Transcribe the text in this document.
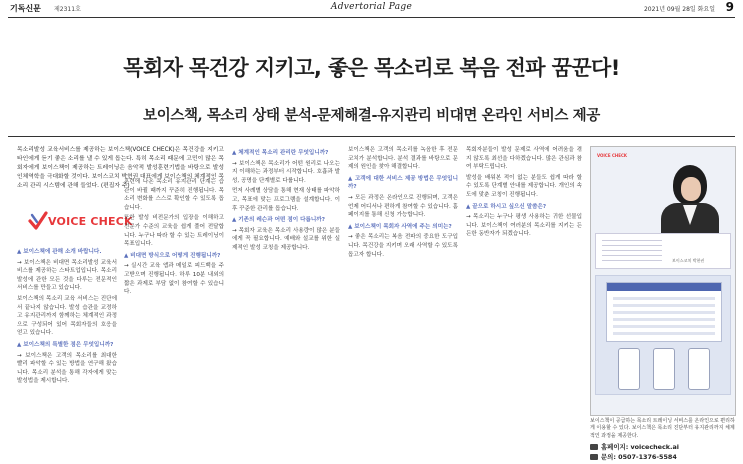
기독신문 제2311호	Advertorial Page	2021년 09월 28일 화요일 9
목회자 목건강 지키고, 좋은 목소리로 복음 전파 꿈꾼다!
보이스책, 목소리 상태 분석-문제해결-유지관리 비대면 온라인 서비스 제공
목소리발성 교육서비스를 제공하는 보이스책(VOICE CHECK)은 목건강을 지키고 타인에게 듣기 좋은 소리를 낼 수 있게 돕는다. 특히 목소리 때문에 고민이 많은 목회자에게 보이스책이 제공하는 트레이닝은 음악적 발성훈련기법을 바탕으로 발성 인체역학을 극대화할 것이다. 보이스코치 박현권 대표에게 보이스책의 체계적인 목소리 관리 시스템에 관해 들었다. (편집자 주)
VOICE CHECK
▲ 보이스책에 관해 소개 바랍니다.

→ 보이스책은 비대면 목소리발성 교육서비스를 제공하는 스타트업입니다. 목소리발성에 관한 모든 것을 다루는 전문적인 서비스를 만들고 있습니다.

보이스책의 목소리 교육 서비스는 진단에서 끝나지 않습니다. 발성 습관을 교정하고 유지관리까지 함께하는 체계적인 과정으로 구성되어 있어 목회자들의 호응을 얻고 있습니다.

▲ 보이스책의 특별한 점은 무엇입니까?

→ 보이스책은 고객의 목소리를 최대한 빨리 파악할 수 있는 방법을 연구해 왔습니다. 목소리 분석을 통해 각자에게 맞는 발성법을 제시합니다.

훈련에 나온 목소리 유지관리 단계는 습관이 바뀔 때까지 꾸준히 진행됩니다. 목소리 변화를 스스로 확인할 수 있도록 돕습니다.

또한 발성 비전문가의 입장을 이해하고 전문가 수준의 교육을 쉽게 풀어 전달합니다. 누구나 따라 할 수 있는 트레이닝이 목표입니다.

▲ 비대면 방식으로 어떻게 진행됩니까?

→ 실시간 교육 앱과 메일로 피드백을 주고받으며 진행됩니다. 하루 10분 내외의 짧은 과제로 부담 없이 참여할 수 있습니다.

▲ 체계적인 목소리 관리란 무엇입니까?

→ 보이스책은 목소리가 어떤 원리로 나오는지 이해하는 과정부터 시작합니다. 호흡과 발성, 공명을 단계별로 다룹니다.

먼저 사례별 상담을 통해 현재 상태를 파악하고, 목표에 맞는 프로그램을 설계합니다. 이후 꾸준한 관리를 돕습니다.

▲ 기존의 레슨과 어떤 점이 다릅니까?

→ 목회자 교육은 목소리 사용량이 많은 분들에게 꼭 필요합니다. 예배와 설교를 위한 실제적인 발성 코칭을 제공합니다.

보이스책은 고객의 목소리를 녹음한 후 전문 코치가 분석합니다. 분석 결과를 바탕으로 문제의 원인을 찾아 해결합니다.

▲ 고객에 대한 서비스 제공 방법은 무엇입니까?

→ 모든 과정은 온라인으로 진행되며, 고객은 언제 어디서나 편하게 참여할 수 있습니다. 홈페이지를 통해 신청 가능합니다.

▲ 보이스책이 목회자 사역에 주는 의미는?

→ 좋은 목소리는 복음 전파의 중요한 도구입니다. 목건강을 지키며 오래 사역할 수 있도록 돕고자 합니다.

목회자분들이 발성 문제로 사역에 어려움을 겪지 않도록 최선을 다하겠습니다. 많은 관심과 참여 부탁드립니다.

발성을 배워본 적이 없는 분들도 쉽게 따라 할 수 있도록 단계별 안내를 제공합니다. 개인의 속도에 맞춘 코칭이 진행됩니다.

▲ 끝으로 하시고 싶으신 말씀은?

→ 목소리는 누구나 평생 사용하는 귀한 선물입니다. 보이스책이 여러분의 목소리를 지키는 든든한 동반자가 되겠습니다.

VOICE CHECK
보이스코치 박현권
보이스책이 공급하는 목소리 트레이닝 서비스를 온라인으로 편리하게 이용할 수 있다. 보이스책은 목소리 진단부터 유지관리까지 체계적인 과정을 제공한다.
홈페이지: voicecheck.ai
문의: 0507-1376-5584
